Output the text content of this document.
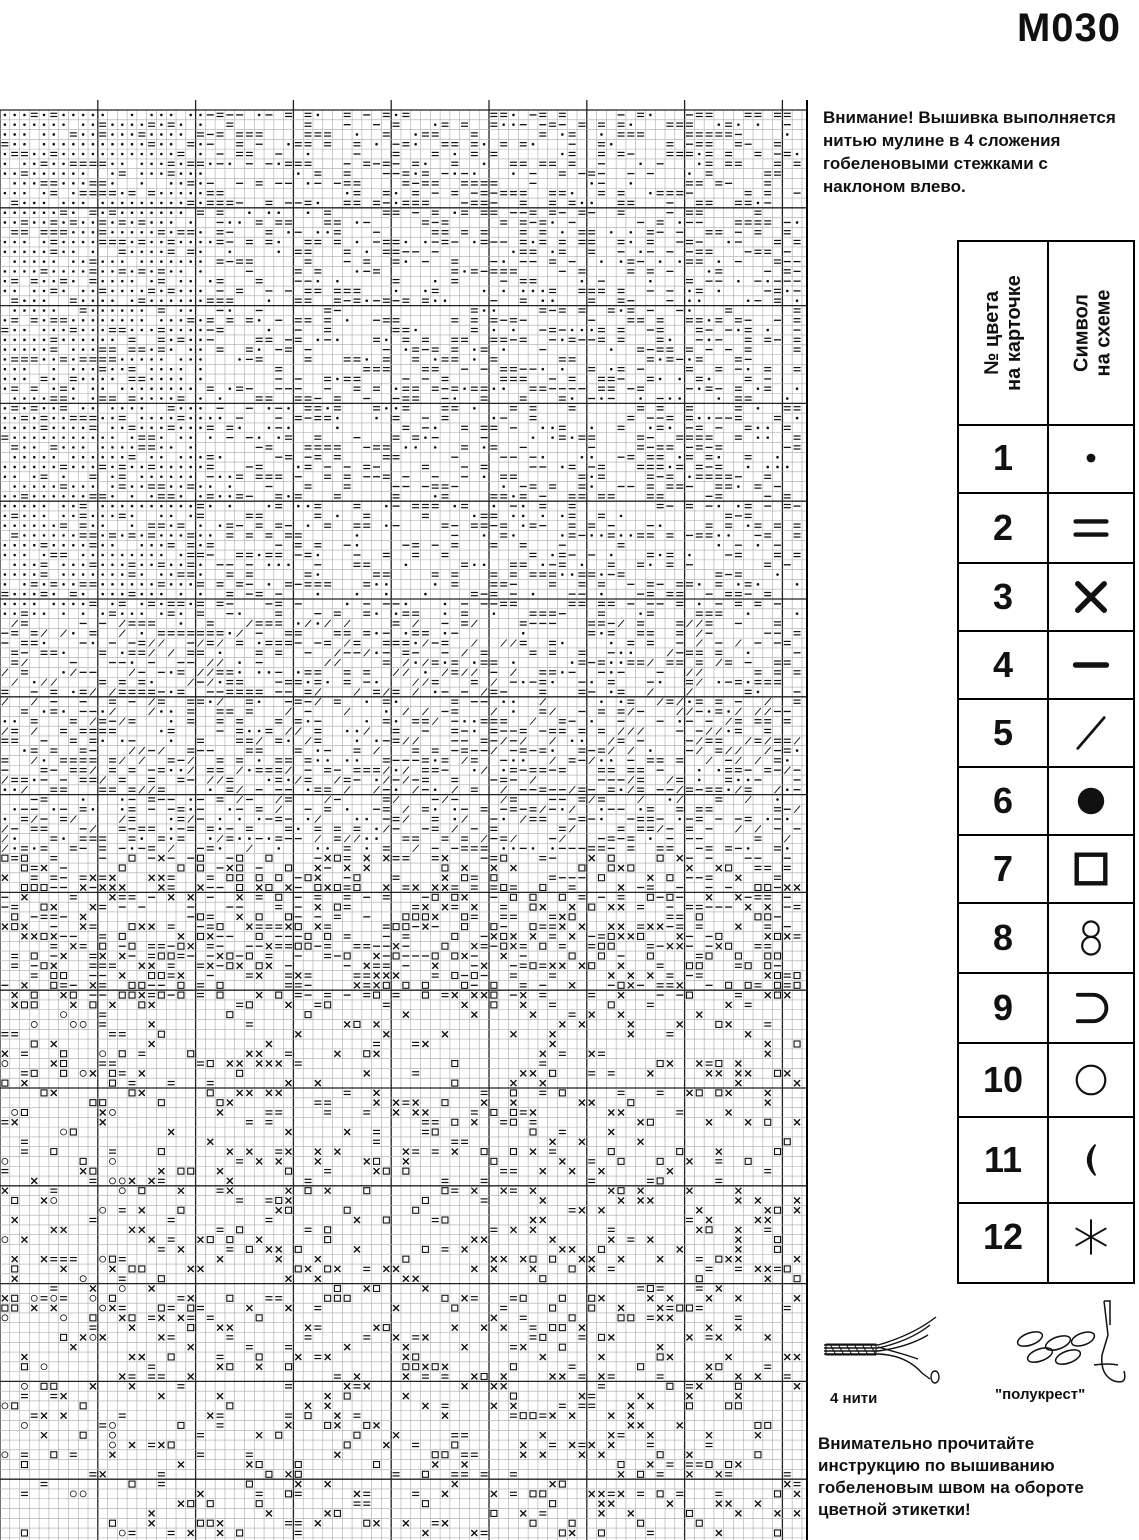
M030
Внимание! Вышивка выполняется нитью мулине в 4 сложения гобеленовыми стежками с наклоном влево.
№ цвета
на карточке Символ
на схеме
1
2
3
4
5
6
7
8
9
10
11
12
4 нити	"полукрест"
Внимательно прочитайте инструкцию по вышиванию гобеленовым швом на обороте цветной этикетки!
